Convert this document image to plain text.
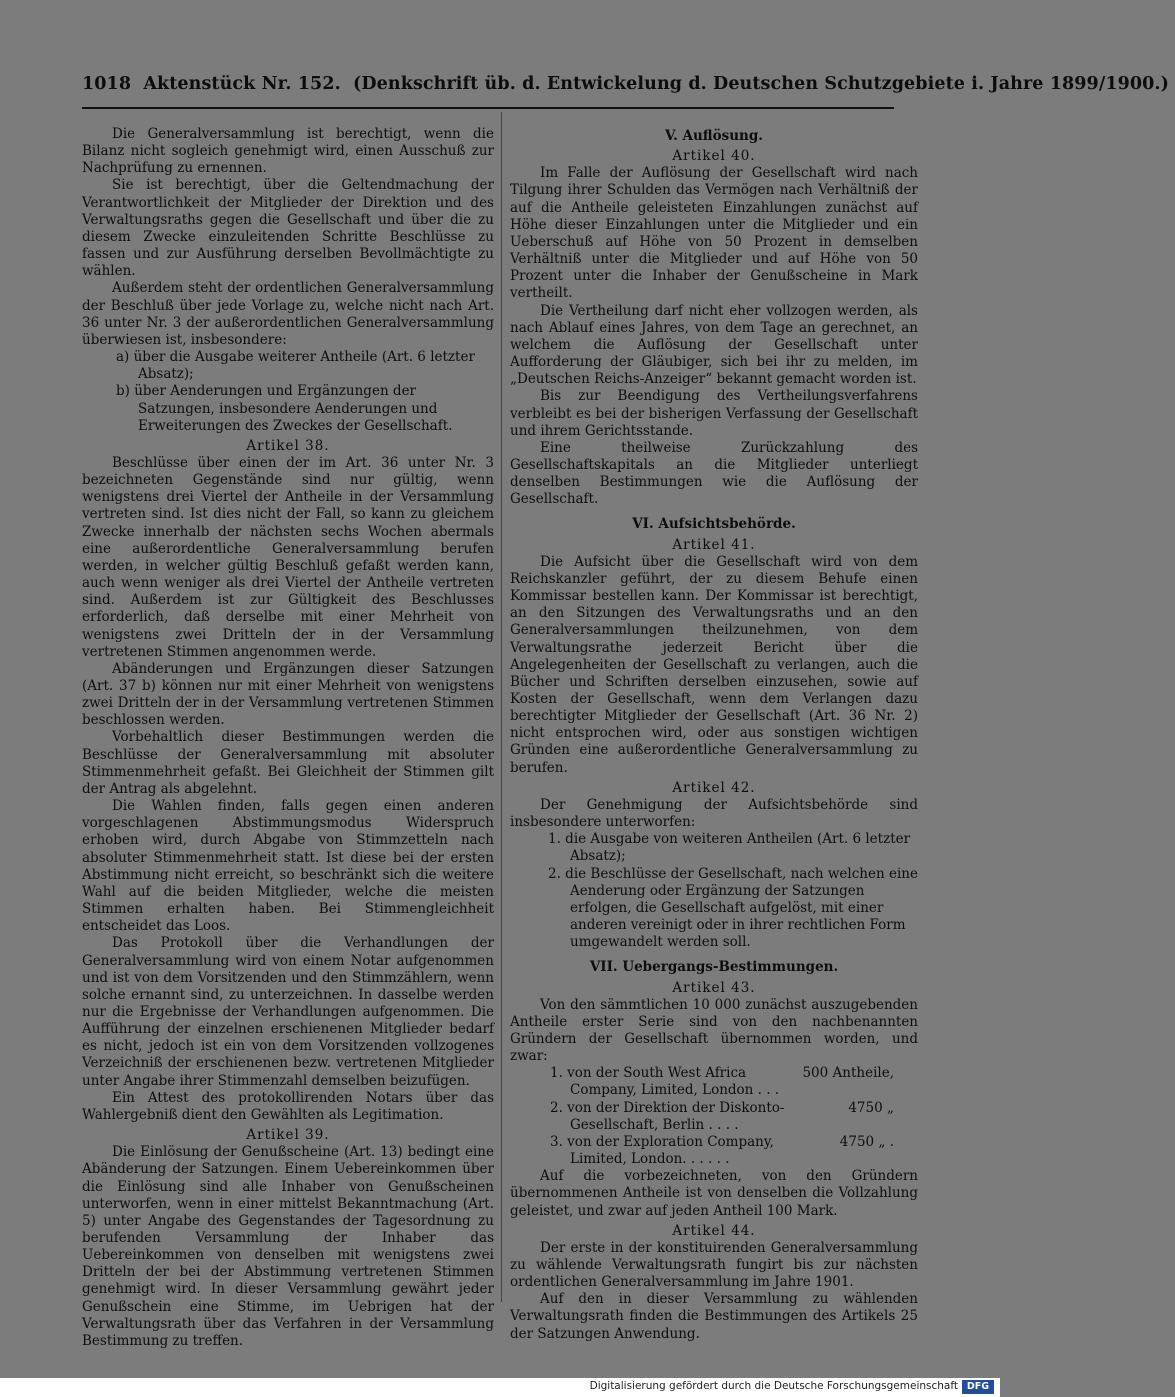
1018 Aktenstück Nr. 152. (Denkschrift üb. d. Entwickelung d. Deutschen Schutzgebiete i. Jahre 1899/1900.)

Die Generalversammlung ist berechtigt, wenn die Bilanz nicht sogleich genehmigt wird, einen Ausschuß zur Nachprüfung zu ernennen.

Sie ist berechtigt, über die Geltendmachung der Verantwortlichkeit der Mitglieder der Direktion und des Verwaltungsraths gegen die Gesellschaft und über die zu diesem Zwecke einzuleitenden Schritte Beschlüsse zu fassen und zur Ausführung derselben Bevollmächtigte zu wählen.

Außerdem steht der ordentlichen Generalversammlung der Beschluß über jede Vorlage zu, welche nicht nach Art. 36 unter Nr. 3 der außerordentlichen Generalversammlung überwiesen ist, insbesondere:

a) über die Ausgabe weiterer Antheile (Art. 6 letzter Absatz);
b) über Aenderungen und Ergänzungen der Satzungen, insbesondere Aenderungen und Erweiterungen des Zweckes der Gesellschaft.
Artikel 38.

Beschlüsse über einen der im Art. 36 unter Nr. 3 bezeichneten Gegenstände sind nur gültig, wenn wenigstens drei Viertel der Antheile in der Versammlung vertreten sind. Ist dies nicht der Fall, so kann zu gleichem Zwecke innerhalb der nächsten sechs Wochen abermals eine außerordentliche Generalversammlung berufen werden, in welcher gültig Beschluß gefaßt werden kann, auch wenn weniger als drei Viertel der Antheile vertreten sind. Außerdem ist zur Gültigkeit des Beschlusses erforderlich, daß derselbe mit einer Mehrheit von wenigstens zwei Dritteln der in der Versammlung vertretenen Stimmen angenommen werde.

Abänderungen und Ergänzungen dieser Satzungen (Art. 37 b) können nur mit einer Mehrheit von wenigstens zwei Dritteln der in der Versammlung vertretenen Stimmen beschlossen werden.

Vorbehaltlich dieser Bestimmungen werden die Beschlüsse der Generalversammlung mit absoluter Stimmenmehrheit gefaßt. Bei Gleichheit der Stimmen gilt der Antrag als abgelehnt.

Die Wahlen finden, falls gegen einen anderen vorgeschlagenen Abstimmungsmodus Widerspruch erhoben wird, durch Abgabe von Stimmzetteln nach absoluter Stimmenmehrheit statt. Ist diese bei der ersten Abstimmung nicht erreicht, so beschränkt sich die weitere Wahl auf die beiden Mitglieder, welche die meisten Stimmen erhalten haben. Bei Stimmengleichheit entscheidet das Loos.

Das Protokoll über die Verhandlungen der Generalversammlung wird von einem Notar aufgenommen und ist von dem Vorsitzenden und den Stimmzählern, wenn solche ernannt sind, zu unterzeichnen. In dasselbe werden nur die Ergebnisse der Verhandlungen aufgenommen. Die Aufführung der einzelnen erschienenen Mitglieder bedarf es nicht, jedoch ist ein von dem Vorsitzenden vollzogenes Verzeichniß der erschienenen bezw. vertretenen Mitglieder unter Angabe ihrer Stimmenzahl demselben beizufügen.

Ein Attest des protokollirenden Notars über das Wahlergebniß dient den Gewählten als Legitimation.

Artikel 39.

Die Einlösung der Genußscheine (Art. 13) bedingt eine Abänderung der Satzungen. Einem Uebereinkommen über die Einlösung sind alle Inhaber von Genußscheinen unterworfen, wenn in einer mittelst Bekanntmachung (Art. 5) unter Angabe des Gegenstandes der Tagesordnung zu berufenden Versammlung der Inhaber das Uebereinkommen von denselben mit wenigstens zwei Dritteln der bei der Abstimmung vertretenen Stimmen genehmigt wird. In dieser Versammlung gewährt jeder Genußschein eine Stimme, im Uebrigen hat der Verwaltungsrath über das Verfahren in der Versammlung Bestimmung zu treffen.

V. Auflösung.
Artikel 40.

Im Falle der Auflösung der Gesellschaft wird nach Tilgung ihrer Schulden das Vermögen nach Verhältniß der auf die Antheile geleisteten Einzahlungen zunächst auf Höhe dieser Einzahlungen unter die Mitglieder und ein Ueberschuß auf Höhe von 50 Prozent in demselben Verhältniß unter die Mitglieder und auf Höhe von 50 Prozent unter die Inhaber der Genußscheine in Mark vertheilt.

Die Vertheilung darf nicht eher vollzogen werden, als nach Ablauf eines Jahres, von dem Tage an gerechnet, an welchem die Auflösung der Gesellschaft unter Aufforderung der Gläubiger, sich bei ihr zu melden, im „Deutschen Reichs-Anzeiger“ bekannt gemacht worden ist.

Bis zur Beendigung des Vertheilungsverfahrens verbleibt es bei der bisherigen Verfassung der Gesellschaft und ihrem Gerichtsstande.

Eine theilweise Zurückzahlung des Gesellschaftskapitals an die Mitglieder unterliegt denselben Bestimmungen wie die Auflösung der Gesellschaft.

VI. Aufsichtsbehörde.
Artikel 41.

Die Aufsicht über die Gesellschaft wird von dem Reichskanzler geführt, der zu diesem Behufe einen Kommissar bestellen kann. Der Kommissar ist berechtigt, an den Sitzungen des Verwaltungsraths und an den Generalversammlungen theilzunehmen, von dem Verwaltungsrathe jederzeit Bericht über die Angelegenheiten der Gesellschaft zu verlangen, auch die Bücher und Schriften derselben einzusehen, sowie auf Kosten der Gesellschaft, wenn dem Verlangen dazu berechtigter Mitglieder der Gesellschaft (Art. 36 Nr. 2) nicht entsprochen wird, oder aus sonstigen wichtigen Gründen eine außerordentliche Generalversammlung zu berufen.

Artikel 42.

Der Genehmigung der Aufsichtsbehörde sind insbesondere unterworfen:

1. die Ausgabe von weiteren Antheilen (Art. 6 letzter Absatz);
2. die Beschlüsse der Gesellschaft, nach welchen eine Aenderung oder Ergänzung der Satzungen erfolgen, die Gesellschaft aufgelöst, mit einer anderen vereinigt oder in ihrer rechtlichen Form umgewandelt werden soll.
VII. Uebergangs-Bestimmungen.
Artikel 43.

Von den sämmtlichen 10 000 zunächst auszugebenden Antheile erster Serie sind von den nachbenannten Gründern der Gesellschaft übernommen worden, und zwar:

1. von der South West Africa Company, Limited, London . . .
500 Antheile,
2. von der Direktion der Diskonto-Gesellschaft, Berlin . . . .
4750 „
3. von der Exploration Company, Limited, London. . . . . .
4750 „ .

Auf die vorbezeichneten, von den Gründern übernommenen Antheile ist von denselben die Vollzahlung geleistet, und zwar auf jeden Antheil 100 Mark.

Artikel 44.

Der erste in der konstituirenden Generalversammlung zu wählende Verwaltungsrath fungirt bis zur nächsten ordentlichen Generalversammlung im Jahre 1901.

Auf den in dieser Versammlung zu wählenden Verwaltungsrath finden die Bestimmungen des Artikels 25 der Satzungen Anwendung.

Digitalisierung gefördert durch die Deutsche Forschungsgemeinschaft DFG
